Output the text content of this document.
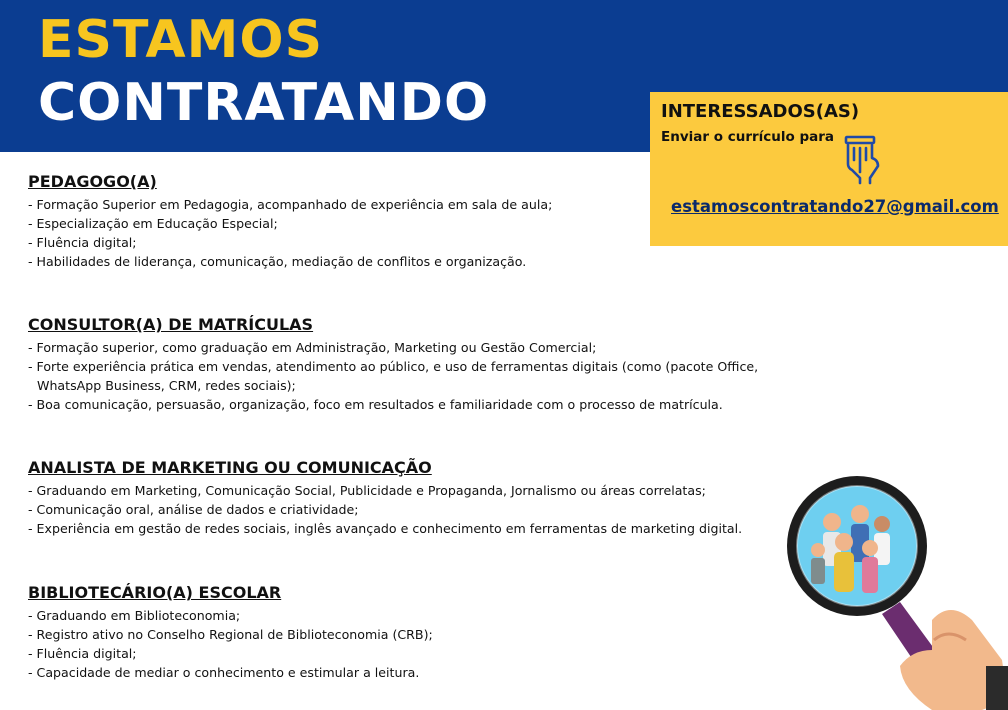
ESTAMOS
CONTRATANDO	INTERESSADOS(AS)
Enviar o currículo para
estamoscontratando27@gmail.com
PEDAGOGO(A)
- Formação Superior em Pedagogia, acompanhado de experiência em sala de aula;
- Especialização em Educação Especial;
- Fluência digital;
- Habilidades de liderança, comunicação, mediação de conflitos e organização.
CONSULTOR(A) DE MATRÍCULAS
- Formação superior, como graduação em Administração, Marketing ou Gestão Comercial;
- Forte experiência prática em vendas, atendimento ao público, e uso de ferramentas digitais (como (pacote Office, WhatsApp Business, CRM, redes sociais);
- Boa comunicação, persuasão, organização, foco em resultados e familiaridade com o processo de matrícula.
ANALISTA DE MARKETING OU COMUNICAÇÃO
- Graduando em Marketing, Comunicação Social, Publicidade e Propaganda, Jornalismo ou áreas correlatas;
- Comunicação oral, análise de dados e criatividade;
- Experiência em gestão de redes sociais, inglês avançado e conhecimento em ferramentas de marketing digital.
BIBLIOTECÁRIO(A) ESCOLAR
- Graduando em Biblioteconomia;
- Registro ativo no Conselho Regional de Biblioteconomia (CRB);
- Fluência digital;
- Capacidade de mediar o conhecimento e estimular a leitura.
